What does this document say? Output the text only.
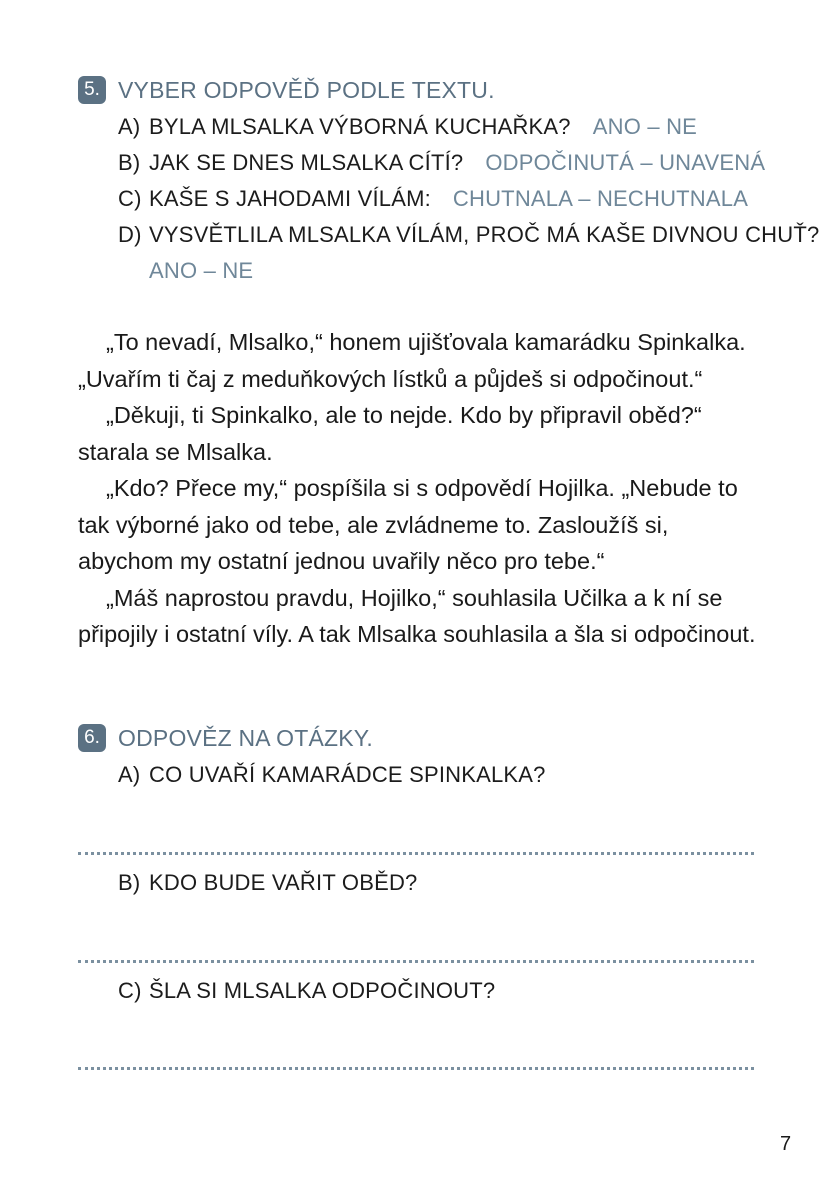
5. VYBER ODPOVĚĎ PODLE TEXTU.
A) BYLA MLSALKA VÝBORNÁ KUCHAŘKA? ANO – NE
B) JAK SE DNES MLSALKA CÍTÍ? ODPOČINUTÁ – UNAVENÁ
C) KAŠE S JAHODAMI VÍLÁM: CHUTNALA – NECHUTNALA
D) VYSVĚTLILA MLSALKA VÍLÁM, PROČ MÁ KAŠE DIVNOU CHUŤ?
ANO – NE

„To nevadí, Mlsalko,“ honem ujišťovala kamarádku Spinkalka.

„Uvařím ti čaj z meduňkových lístků a půjdeš si odpočinout.“

„Děkuji, ti Spinkalko, ale to nejde. Kdo by připravil oběd?“ starala se Mlsalka.

„Kdo? Přece my,“ pospíšila si s odpovědí Hojilka. „Nebude to tak výborné jako od tebe, ale zvládneme to. Zasloužíš si, abychom my ostatní jednou uvařily něco pro tebe.“

„Máš naprostou pravdu, Hojilko,“ souhlasila Učilka a k ní se připojily i ostatní víly. A tak Mlsalka souhlasila a šla si odpočinout.

6. ODPOVĚZ NA OTÁZKY.
A) CO UVAŘÍ KAMARÁDCE SPINKALKA?
B) KDO BUDE VAŘIT OBĚD?
C) ŠLA SI MLSALKA ODPOČINOUT?
7
